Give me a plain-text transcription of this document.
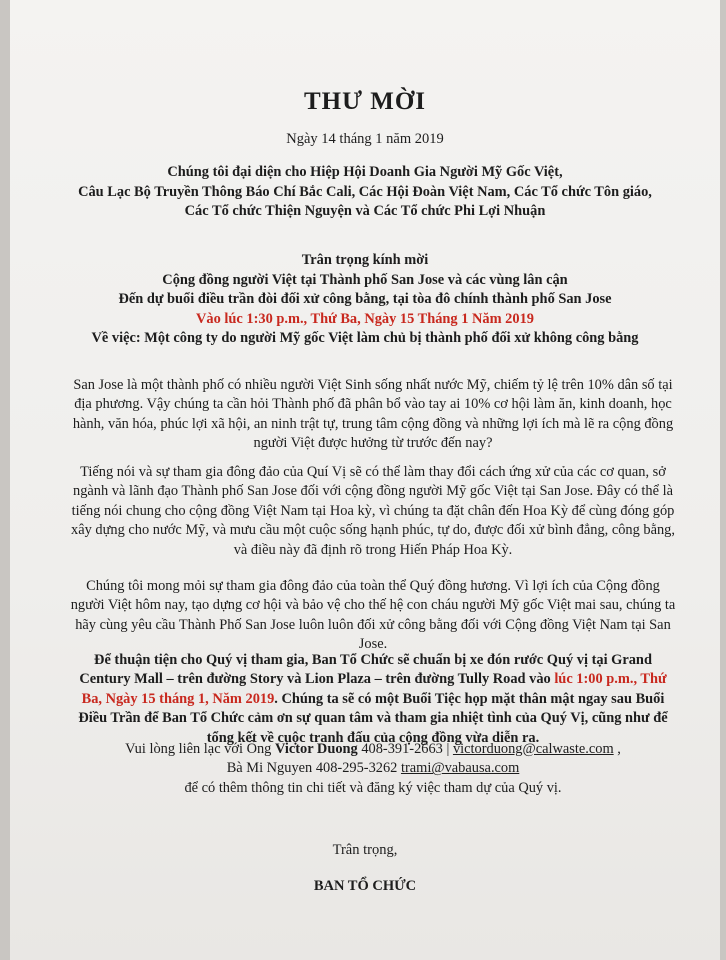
THƯ MỜI
Ngày 14 tháng 1 năm 2019
Chúng tôi đại diện cho Hiệp Hội Doanh Gia Người Mỹ Gốc Việt,
Câu Lạc Bộ Truyền Thông Báo Chí Bắc Cali, Các Hội Đoàn Việt Nam, Các Tổ chức Tôn giáo,
Các Tổ chức Thiện Nguyện và Các Tổ chức Phi Lợi Nhuận
Trân trọng kính mời
Cộng đồng người Việt tại Thành phố San Jose và các vùng lân cận
Đến dự buổi điều trần đòi đối xử công bằng, tại tòa đô chính thành phố San Jose
Vào lúc 1:30 p.m., Thứ Ba, Ngày 15 Tháng 1 Năm 2019
Về việc: Một công ty do người Mỹ gốc Việt làm chủ bị thành phố đối xử không công bằng
San Jose là một thành phố có nhiều người Việt Sinh sống nhất nước Mỹ, chiếm tỷ lệ trên 10% dân số tại địa phương. Vậy chúng ta cần hỏi Thành phố đã phân bổ vào tay ai 10% cơ hội làm ăn, kinh doanh, học hành, văn hóa, phúc lợi xã hội, an ninh trật tự, trung tâm cộng đồng và những lợi ích mà lẽ ra cộng đồng người Việt được hưởng từ trước đến nay?
Tiếng nói và sự tham gia đông đảo của Quí Vị sẽ có thể làm thay đổi cách ứng xử của các cơ quan, sở ngành và lãnh đạo Thành phố San Jose đối với cộng đồng người Mỹ gốc Việt tại San Jose. Đây có thể là tiếng nói chung cho cộng đồng Việt Nam tại Hoa kỳ, vì chúng ta đặt chân đến Hoa Kỳ để cùng đóng góp xây dựng cho nước Mỹ, và mưu cầu một cuộc sống hạnh phúc, tự do, được đối xử bình đẳng, công bằng, và điều này đã định rõ trong Hiến Pháp Hoa Kỳ.
Chúng tôi mong mỏi sự tham gia đông đảo của toàn thể Quý đồng hương. Vì lợi ích của Cộng đồng người Việt hôm nay, tạo dựng cơ hội và bảo vệ cho thế hệ con cháu người Mỹ gốc Việt mai sau, chúng ta hãy cùng yêu cầu Thành Phố San Jose luôn luôn đối xử công bằng đối với Cộng đồng Việt Nam tại San Jose.
Để thuận tiện cho Quý vị tham gia, Ban Tổ Chức sẽ chuẩn bị xe đón rước Quý vị tại Grand Century Mall – trên đường Story và Lion Plaza – trên đường Tully Road vào lúc 1:00 p.m., Thứ Ba, Ngày 15 tháng 1, Năm 2019. Chúng ta sẽ có một Buổi Tiệc họp mặt thân mật ngay sau Buổi Điều Trần để Ban Tổ Chức cảm ơn sự quan tâm và tham gia nhiệt tình của Quý Vị, cũng như để tổng kết về cuộc tranh đấu của cộng đồng vừa diễn ra.
Vui lòng liên lạc với Ông Victor Duong 408-391-2663 | victorduong@calwaste.com ,
Bà Mi Nguyen 408-295-3262 trami@vabausa.com
để có thêm thông tin chi tiết và đăng ký việc tham dự của Quý vị.
Trân trọng,
BAN TỔ CHỨC
